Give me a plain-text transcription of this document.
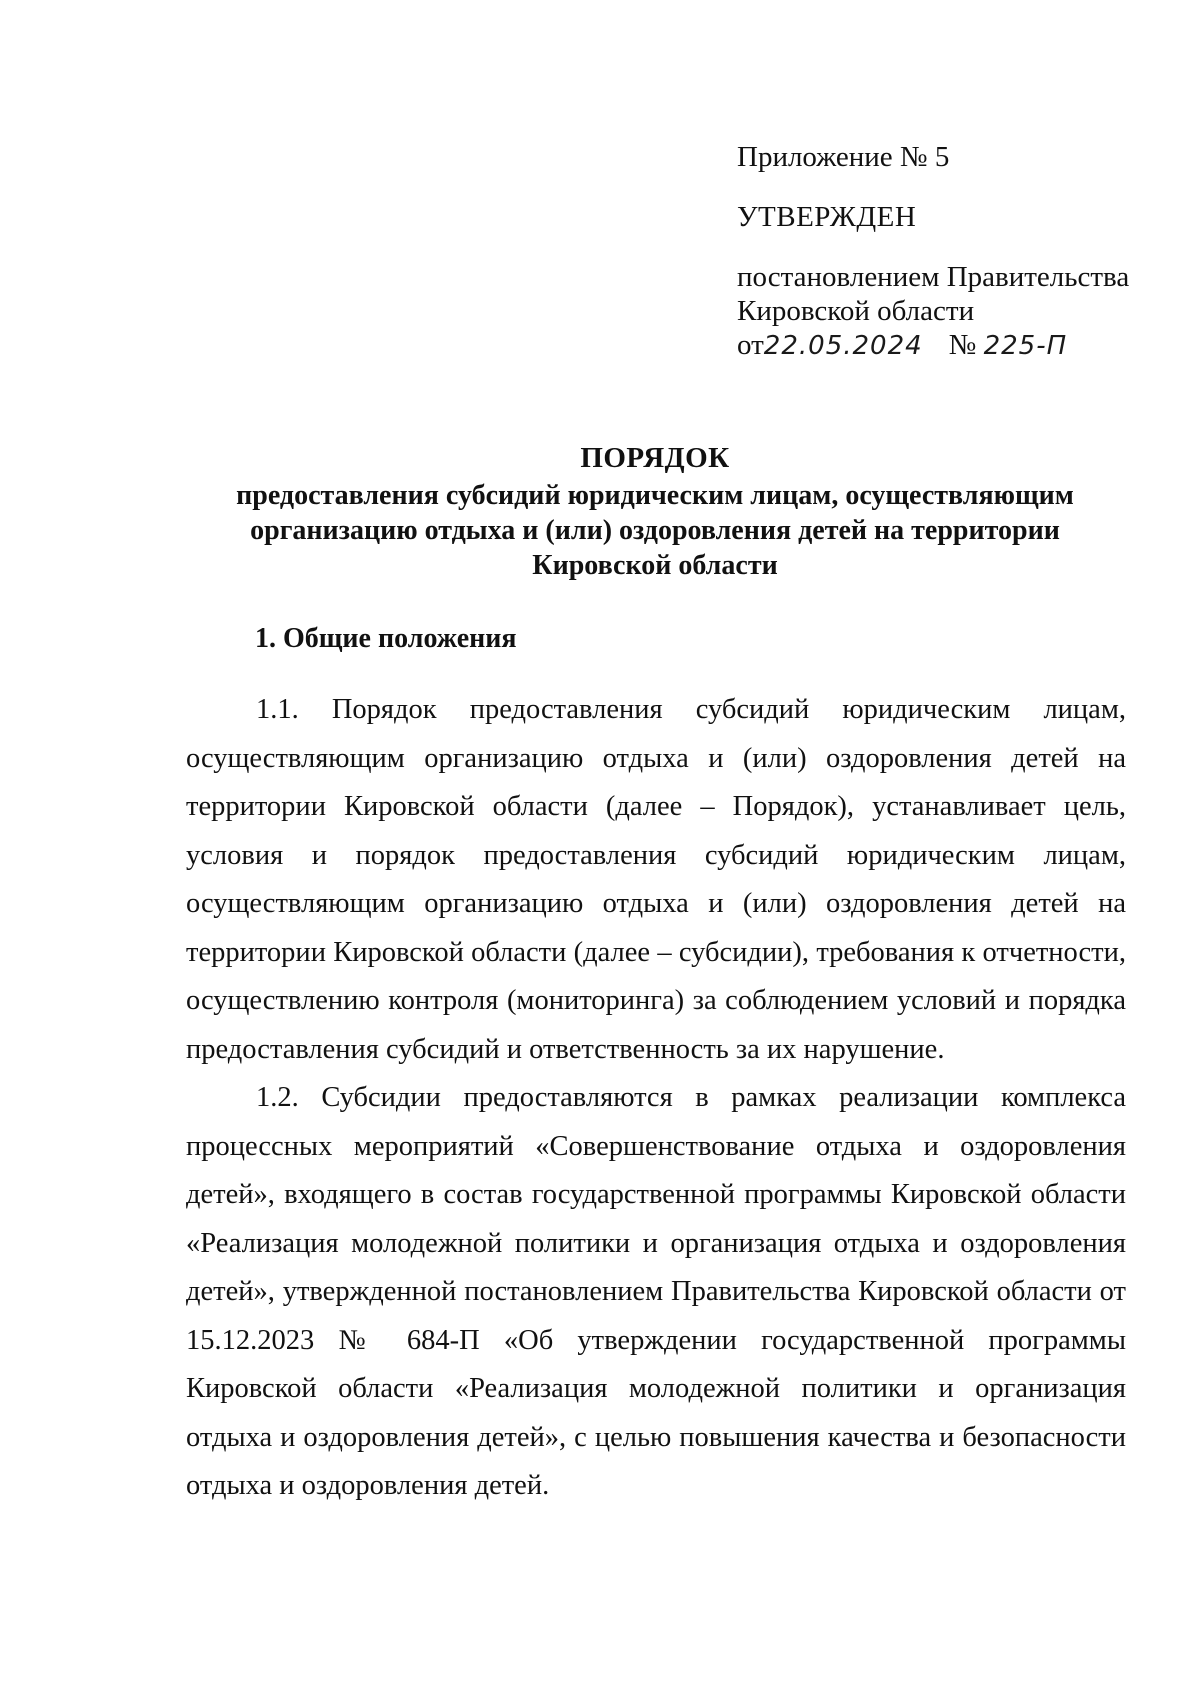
Приложение № 5
УТВЕРЖДЕН
постановлением Правительства
Кировской области
от22.05.2024 № 225-П
ПОРЯДОК
предоставления субсидий юридическим лицам, осуществляющим
организацию отдыха и (или) оздоровления детей на территории
Кировской области
1. Общие положения

1.1. Порядок предоставления субсидий юридическим лицам, осуществляющим организацию отдыха и (или) оздоровления детей на территории Кировской области (далее – Порядок), устанавливает цель, условия и порядок предоставления субсидий юридическим лицам, осуществляющим организацию отдыха и (или) оздоровления детей на территории Кировской области (далее – субсидии), требования к отчетности, осуществлению контроля (мониторинга) за соблюдением условий и порядка предоставления субсидий и ответственность за их нарушение.

1.2. Субсидии предоставляются в рамках реализации комплекса процессных мероприятий «Совершенствование отдыха и оздоровления детей», входящего в состав государственной программы Кировской области «Реализация молодежной политики и организация отдыха и оздоровления детей», утвержденной постановлением Правительства Кировской области от 15.12.2023 № 684-П «Об утверждении государственной программы Кировской области «Реализация молодежной политики и организация отдыха и оздоровления детей», с целью повышения качества и безопасности отдыха и оздоровления детей.
